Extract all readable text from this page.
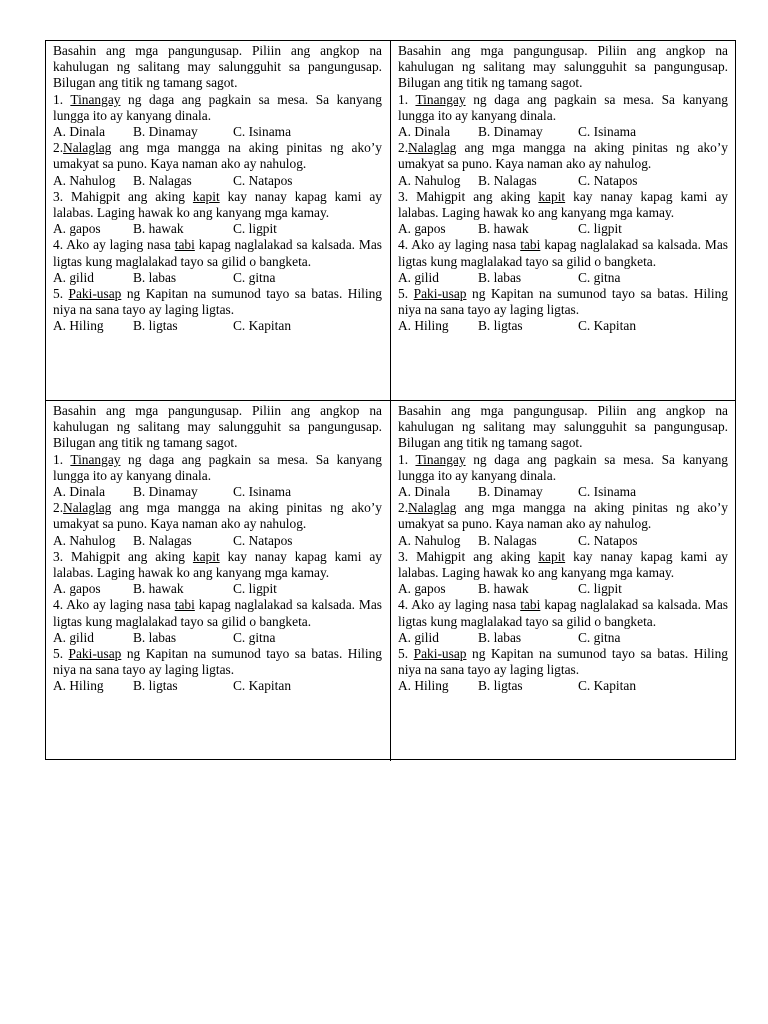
Basahin ang mga pangungusap. Piliin ang angkop na kahulugan ng salitang may salungguhit sa pangungusap. Bilugan ang titik ng tamang sagot.

1. Tinangay ng daga ang pagkain sa mesa. Sa kanyang lungga ito ay kanyang dinala.

A. Dinala B. Dinamay	C. Isinama

2.Nalaglag ang mga mangga na aking pinitas ng ako’y umakyat sa puno. Kaya naman ako ay nahulog.

A. Nahulog B. Nalagas	C. Natapos

3. Mahigpit ang aking kapit kay nanay kapag kami ay lalabas. Laging hawak ko ang kanyang mga kamay.

A. gapos B. hawak	C. ligpit

4. Ako ay laging nasa tabi kapag naglalakad sa kalsada. Mas ligtas kung maglalakad tayo sa gilid o bangketa.

A. gilid	B. labas	C. gitna

5. Paki-usap ng Kapitan na sumunod tayo sa batas. Hiling niya na sana tayo ay laging ligtas.

A. Hiling B. ligtas	C. Kapitan

Basahin ang mga pangungusap. Piliin ang angkop na kahulugan ng salitang may salungguhit sa pangungusap. Bilugan ang titik ng tamang sagot.

1. Tinangay ng daga ang pagkain sa mesa. Sa kanyang lungga ito ay kanyang dinala.

A. Dinala B. Dinamay	C. Isinama

2.Nalaglag ang mga mangga na aking pinitas ng ako’y umakyat sa puno. Kaya naman ako ay nahulog.

A. Nahulog B. Nalagas	C. Natapos

3. Mahigpit ang aking kapit kay nanay kapag kami ay lalabas. Laging hawak ko ang kanyang mga kamay.

A. gapos B. hawak	C. ligpit

4. Ako ay laging nasa tabi kapag naglalakad sa kalsada. Mas ligtas kung maglalakad tayo sa gilid o bangketa.

A. gilid	B. labas	C. gitna

5. Paki-usap ng Kapitan na sumunod tayo sa batas. Hiling niya na sana tayo ay laging ligtas.

A. Hiling B. ligtas	C. Kapitan

Basahin ang mga pangungusap. Piliin ang angkop na kahulugan ng salitang may salungguhit sa pangungusap. Bilugan ang titik ng tamang sagot.

1. Tinangay ng daga ang pagkain sa mesa. Sa kanyang lungga ito ay kanyang dinala.

A. Dinala B. Dinamay	C. Isinama

2.Nalaglag ang mga mangga na aking pinitas ng ako’y umakyat sa puno. Kaya naman ako ay nahulog.

A. Nahulog B. Nalagas	C. Natapos

3. Mahigpit ang aking kapit kay nanay kapag kami ay lalabas. Laging hawak ko ang kanyang mga kamay.

A. gapos B. hawak	C. ligpit

4. Ako ay laging nasa tabi kapag naglalakad sa kalsada. Mas ligtas kung maglalakad tayo sa gilid o bangketa.

A. gilid	B. labas	C. gitna

5. Paki-usap ng Kapitan na sumunod tayo sa batas. Hiling niya na sana tayo ay laging ligtas.

A. Hiling B. ligtas	C. Kapitan

Basahin ang mga pangungusap. Piliin ang angkop na kahulugan ng salitang may salungguhit sa pangungusap. Bilugan ang titik ng tamang sagot.

1. Tinangay ng daga ang pagkain sa mesa. Sa kanyang lungga ito ay kanyang dinala.

A. Dinala B. Dinamay	C. Isinama

2.Nalaglag ang mga mangga na aking pinitas ng ako’y umakyat sa puno. Kaya naman ako ay nahulog.

A. Nahulog B. Nalagas	C. Natapos

3. Mahigpit ang aking kapit kay nanay kapag kami ay lalabas. Laging hawak ko ang kanyang mga kamay.

A. gapos B. hawak	C. ligpit

4. Ako ay laging nasa tabi kapag naglalakad sa kalsada. Mas ligtas kung maglalakad tayo sa gilid o bangketa.

A. gilid	B. labas	C. gitna

5. Paki-usap ng Kapitan na sumunod tayo sa batas. Hiling niya na sana tayo ay laging ligtas.

A. Hiling B. ligtas	C. Kapitan
